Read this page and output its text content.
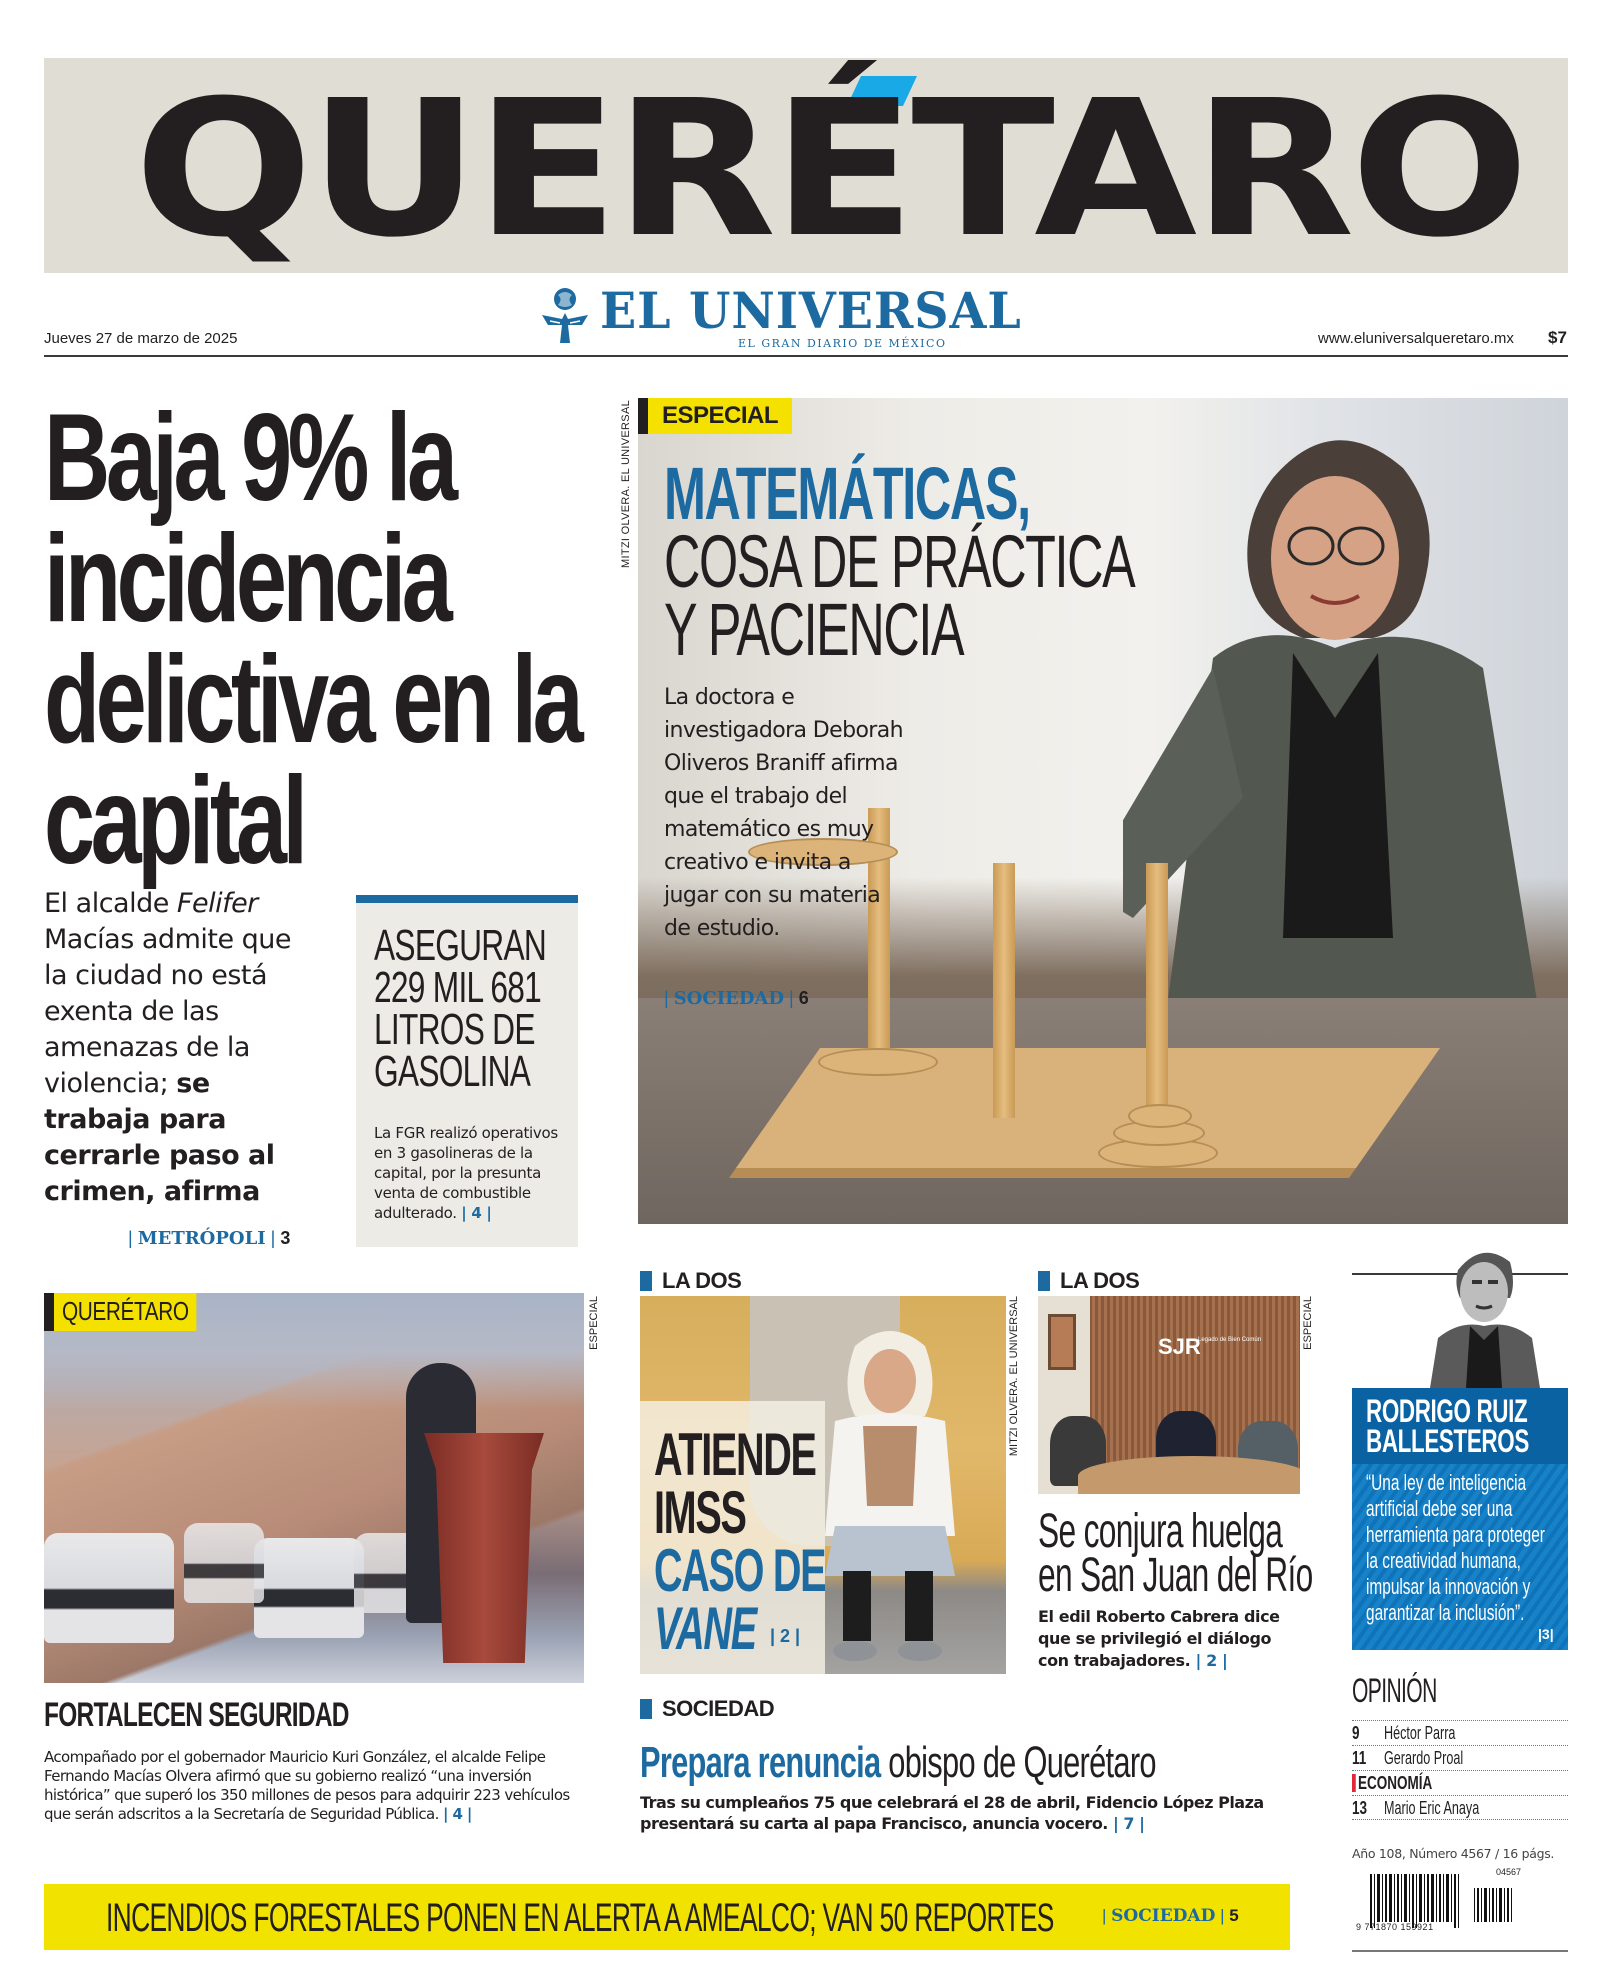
QUERÉTARO
EL UNIVERSAL
EL GRAN DIARIO DE MÉXICO
Jueves 27 de marzo de 2025	www.eluniversalqueretaro.mx $7
Baja 9% la incidencia delictiva en la capital
El alcalde Felifer Macías admite que la ciudad no está exenta de las amenazas de la violencia; se trabaja para cerrarle paso al crimen, afirma
| METRÓPOLI | 3
ASEGURAN 229 MIL 681 LITROS DE GASOLINA
La FGR realizó operativos en 3 gasolineras de la capital, por la presunta venta de combustible adulterado. | 4 |
MITZI OLVERA. EL UNIVERSAL	ESPECIAL
MATEMÁTICAS,
COSA DE PRÁCTICA
Y PACIENCIA
La doctora e investigadora Deborah Oliveros Braniff afirma que el trabajo del matemático es muy creativo e invita a jugar con su materia de estudio.
| SOCIEDAD | 6
QUERÉTARO	ESPECIAL
FORTALECEN SEGURIDAD
Acompañado por el gobernador Mauricio Kuri González, el alcalde Felipe Fernando Macías Olvera afirmó que su gobierno realizó “una inversión histórica” que superó los 350 millones de pesos para adquirir 223 vehículos que serán adscritos a la Secretaría de Seguridad Pública. | 4 |
LA DOS
ATIENDE
IMSS
CASO DE
VANE | 2 |
MITZI OLVERA. EL UNIVERSAL
LA DOS
SJR
Legado de Bien Común	ESPECIAL
Se conjura huelga en San Juan del Río
El edil Roberto Cabrera dice que se privilegió el diálogo con trabajadores. | 2 |
SOCIEDAD
Prepara renuncia obispo de Querétaro
Tras su cumpleaños 75 que celebrará el 28 de abril, Fidencio López Plaza presentará su carta al papa Francisco, anuncia vocero. | 7 |
INCENDIOS FORESTALES PONEN EN ALERTA A AMEALCO; VAN 50 REPORTES	| SOCIEDAD | 5
RODRIGO RUIZ BALLESTEROS
“Una ley de inteligencia artificial debe ser una herramienta para proteger la creatividad humana, impulsar la innovación y garantizar la inclusión”.
|3|
OPINIÓN
9	Héctor Parra
11 Gerardo Proal
ECONOMÍA
13 Mario Eric Anaya
Año 108, Número 4567 / 16 págs.
9 771870 159921
04567
